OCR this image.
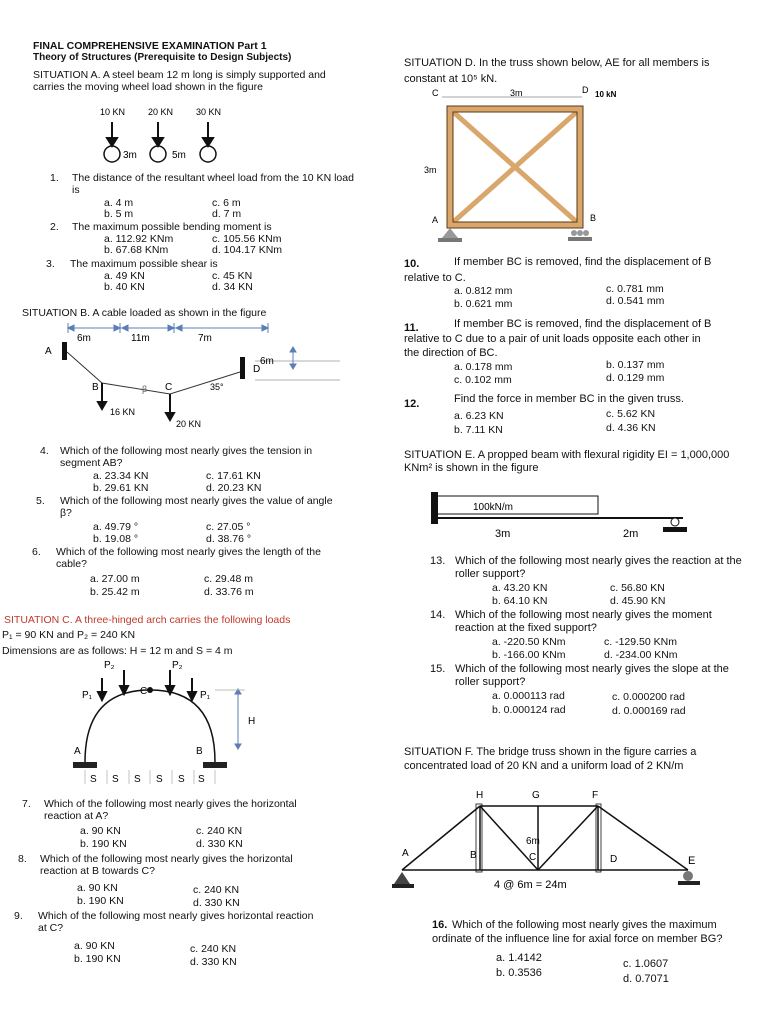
FINAL COMPREHENSIVE EXAMINATION Part 1
Theory of Structures (Prerequisite to Design Subjects)
SITUATION A. A steel beam 12 m long is simply supported and
carries the moving wheel load shown in the figure
10 KN	20 KN	30 KN
3m	5m
1. The distance of the resultant wheel load from the 10 KN load
is
a. 4 m
b. 5 m
c. 6 m
d. 7 m
2. The maximum possible bending moment is
a. 112.92 KNm
b. 67.68 KNm
c. 105.56 KNm
d. 104.17 KNm
3. The maximum possible shear is
a. 49 KN
b. 40 KN
c. 45 KN
d. 34 KN
SITUATION B. A cable loaded as shown in the figure
6m	11m	7m
A
D
6m
B	β C	35°
16 KN
20 KN
4. Which of the following most nearly gives the tension in
segment AB?
a. 23.34 KN
b. 29.61 KN
c. 17.61 KN
d. 20.23 KN
5. Which of the following most nearly gives the value of angle
β?
a. 49.79 °
b. 19.08 °
c. 27.05 °
d. 38.76 °
6. Which of the following most nearly gives the length of the
cable?
a. 27.00 m
b. 25.42 m
c. 29.48 m
d. 33.76 m
SITUATION C. A three-hinged arch carries the following loads
P₁ = 90 KN and P₂ = 240 KN
Dimensions are as follows: H = 12 m and S = 4 m
P₂	P₂
P₁	P₁
C
A	B
H
S S S S S S
7. Which of the following most nearly gives the horizontal
reaction at A?
a. 90 KN
b. 190 KN
c. 240 KN
d. 330 KN
8. Which of the following most nearly gives the horizontal
reaction at B towards C?
a. 90 KN
b. 190 KN
c. 240 KN
d. 330 KN
9. Which of the following most nearly gives horizontal reaction
at C?
a. 90 KN
b. 190 KN
c. 240 KN
d. 330 KN
SITUATION D. In the truss shown below, AE for all members is
constant at 10⁵ kN.
C	3m	D 10 kN
3m
A	B
10.	If member BC is removed, find the displacement of B
relative to C.
a. 0.812 mm
b. 0.621 mm
c. 0.781 mm
d. 0.541 mm
11.	If member BC is removed, find the displacement of B
relative to C due to a pair of unit loads opposite each other in
the direction of BC.
a. 0.178 mm
c. 0.102 mm
b. 0.137 mm
d. 0.129 mm
12.	Find the force in member BC in the given truss.
a. 6.23 KN
b. 7.11 KN
c. 5.62 KN
d. 4.36 KN
SITUATION E. A propped beam with flexural rigidity EI = 1,000,000
KNm² is shown in the figure
100kN/m
3m	2m
13. Which of the following most nearly gives the reaction at the
roller support?
a. 43.20 KN
b. 64.10 KN
c. 56.80 KN
d. 45.90 KN
14. Which of the following most nearly gives the moment
reaction at the fixed support?
a. -220.50 KNm
b. -166.00 KNm
c. -129.50 KNm
d. -234.00 KNm
15. Which of the following most nearly gives the slope at the
roller support?
a. 0.000113 rad
b. 0.000124 rad
c. 0.000200 rad
d. 0.000169 rad
SITUATION F. The bridge truss shown in the figure carries a
concentrated load of 20 KN and a uniform load of 2 KN/m
H	G	F
A	B
6m
C	D	E
4 @ 6m = 24m
16. Which of the following most nearly gives the maximum
ordinate of the influence line for axial force on member BG?
a. 1.4142
b. 0.3536
c. 1.0607
d. 0.7071
